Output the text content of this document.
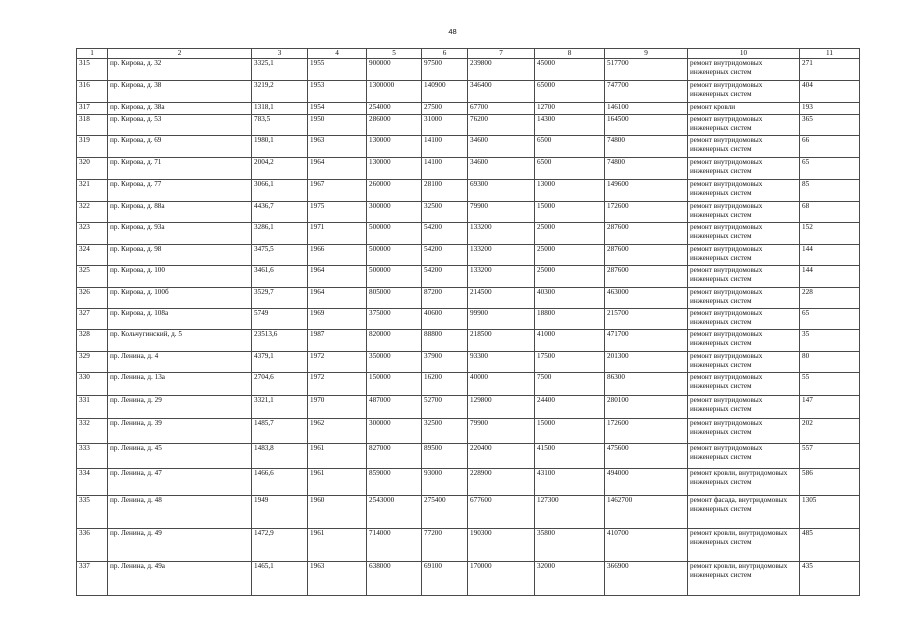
48
1	2	3	4	5	6	7	8	9	10	11
315	пр. Кирова, д. 32	3325,1	1955	900000	97500	239800	45000	517700	ремонт внутридомовых инженерных систем	271
316	пр. Кирова, д. 38	3219,2	1953	1300000	140900	346400	65000	747700	ремонт внутридомовых инженерных систем	404
317	пр. Кирова, д. 38а	1318,1	1954	254000	27500	67700	12700	146100	ремонт кровли	193
318	пр. Кирова, д. 53	783,5	1950	286000	31000	76200	14300	164500	ремонт внутридомовых инженерных систем	365
319	пр. Кирова, д. 69	1980,1	1963	130000	14100	34600	6500	74800	ремонт внутридомовых инженерных систем	66
320	пр. Кирова, д. 71	2004,2	1964	130000	14100	34600	6500	74800	ремонт внутридомовых инженерных систем	65
321	пр. Кирова, д. 77	3066,1	1967	260000	28100	69300	13000	149600	ремонт внутридомовых инженерных систем	85
322	пр. Кирова, д. 88а	4436,7	1975	300000	32500	79900	15000	172600	ремонт внутридомовых инженерных систем	68
323	пр. Кирова, д. 93а	3286,1	1971	500000	54200	133200	25000	287600	ремонт внутридомовых инженерных систем	152
324	пр. Кирова, д. 98	3475,5	1966	500000	54200	133200	25000	287600	ремонт внутридомовых инженерных систем	144
325	пр. Кирова, д. 100	3461,6	1964	500000	54200	133200	25000	287600	ремонт внутридомовых инженерных систем	144
326	пр. Кирова, д. 100б	3529,7	1964	805000	87200	214500	40300	463000	ремонт внутридомовых инженерных систем	228
327	пр. Кирова, д. 108а	5749	1969	375000	40600	99900	18800	215700	ремонт внутридомовых инженерных систем	65
328	пр. Кольчугинский, д. 5	23513,6	1987	820000	88800	218500	41000	471700	ремонт внутридомовых инженерных систем	35
329	пр. Ленина, д. 4	4379,1	1972	350000	37900	93300	17500	201300	ремонт внутридомовых инженерных систем	80
330	пр. Ленина, д. 13а	2704,6	1972	150000	16200	40000	7500	86300	ремонт внутридомовых инженерных систем	55
331	пр. Ленина, д. 29	3321,1	1970	487000	52700	129800	24400	280100	ремонт внутридомовых инженерных систем	147
332	пр. Ленина, д. 39	1485,7	1962	300000	32500	79900	15000	172600	ремонт внутридомовых инженерных систем	202
333	пр. Ленина, д. 45	1483,8	1961	827000	89500	220400	41500	475600	ремонт внутридомовых инженерных систем	557
334	пр. Ленина, д. 47	1466,6	1961	859000	93000	228900	43100	494000	ремонт кровли, внутридомовых инженерных систем	586
335	пр. Ленина, д. 48	1949	1960	2543000	275400	677600	127300	1462700	ремонт фасада, внутридомовых инженерных систем	1305
336	пр. Ленина, д. 49	1472,9	1961	714000	77200	190300	35800	410700	ремонт кровли, внутридомовых инженерных систем	485
337	пр. Ленина, д. 49а	1465,1	1963	638000	69100	170000	32000	366900	ремонт кровли, внутридомовых инженерных систем	435
